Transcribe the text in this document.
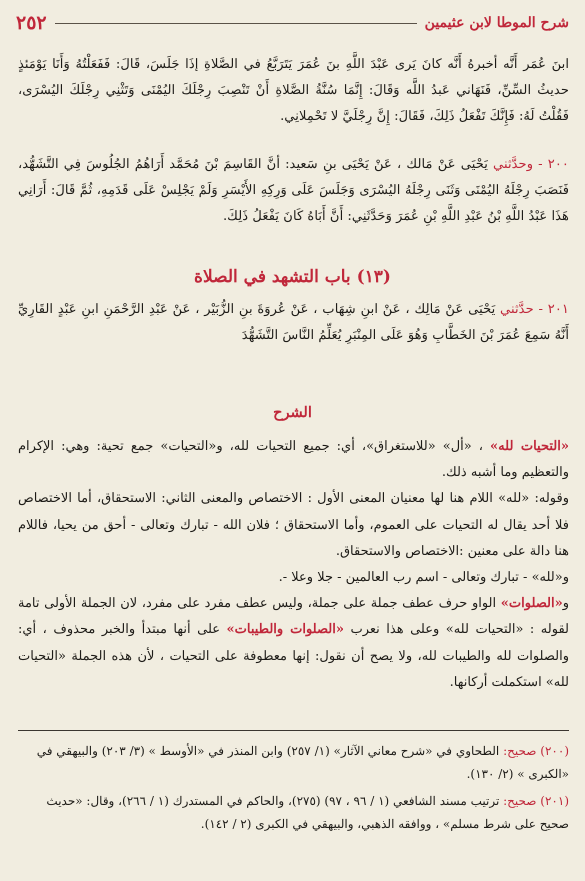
شرح الموطا لابن عثيمين
٢٥٢
ابنَ عُمَر أَنَّه أخبرهُ أَنَّه كانَ يَرى عَبْدَ اللَّهِ بنَ عُمَرَ يَتَرَبَّعُ في الصَّلاةِ إذَا جَلَسَ، قَالَ: فَفَعَلْتُهُ وَأَنَا يَوْمَئذٍ حديثُ السِّنِّ، فَنَهَاني عَبدُ اللَّه وَقَالَ: إِنَّمَا سُنَّةُ الصَّلاةِ أَنْ تَنْصِبَ رِجْلَكَ اليُمْنَى وَتَثْنِي رِجْلَكَ اليُسْرَى، فَقُلْتُ لَهُ: فَإِنَّكَ تَفْعَلُ ذَلِكَ، فَقَالَ: إِنَّ رِجْلَيَّ لا تَحْمِلانِي.
٢٠٠ - وحدَّثني يَحْيَى عَنْ مَالك ، عَنْ يَحْيَى بنِ سَعيد: أنَّ القَاسِمَ بْنَ مُحَمَّد أَرَاهُمُ الجُلُوسَ فِي التَّشَهُّد، فَنَصَبَ رِجْلَهُ اليُمْنَى وَثَنَى رِجْلَهُ اليُسْرَى وَجَلَسَ عَلَى وَرِكِهِ الأَيْسَرِ وَلَمْ يَجْلِسْ عَلَى قَدَمِهِ، ثُمَّ قَالَ: أَرَانِي هَذَا عَبْدُ اللَّهِ بْنُ عَبْدِ اللَّهِ بْنِ عُمَرَ وَحَدَّثَنِي: أَنَّ أَبَاهُ كَانَ يَفْعَلُ ذَلِكَ.
(١٣) باب التشهد في الصلاة
٢٠١ - حدَّثني يَحْيَى عَنْ مَالِك ، عَنْ ابنِ شِهَاب ، عَنْ عُروَةَ بنِ الزُّبَيْر ، عَنْ عَبْدِ الرَّحْمَنِ ابنِ عَبْدٍ القَارِيِّ أَنَّهُ سَمِعَ عُمَرَ بْنَ الخَطَّابِ وَهُوَ عَلَى المِنْبَرِ يُعَلِّمُ النَّاسَ التَّشَهُّدَ
الشرح

«التحيات لله» ، «أل» «للاستغراق»، أي: جميع التحيات لله، و«التحيات» جمع تحية: وهي: الإكرام والتعظيم وما أشبه ذلك.

وقوله: «لله» اللام هنا لها معنيان المعنى الأول : الاختصاص والمعنى الثاني: الاستحقاق، أما الاختصاص فلا أحد يقال له التحيات على العموم، وأما الاستحقاق ؛ فلان الله - تبارك وتعالى - أحق من يحيا، فاللام هنا دالة على معنين :الاختصاص والاستحقاق.

و«لله» - تبارك وتعالى - اسم رب العالمين - جلا وعلا -.

و«الصلوات» الواو حرف عطف جملة على جملة، وليس عطف مفرد على مفرد، لان الجملة الأولى تامة لقوله : «التحيات لله» وعلى هذا نعرب «الصلوات والطيبات» على أنها مبتدأ والخبر محذوف ، أي: والصلوات لله والطيبات لله، ولا يصح أن نقول: إنها معطوفة على التحيات ، لأن هذه الجملة «التحيات لله» استكملت أركانها.

(٢٠٠) صحيح: الطحاوي في «شرح معاني الآثار» (١/ ٢٥٧) وابن المنذر في «الأوسط » (٣/ ٢٠٣) والبيهقي في «الكبرى » (٢/ ١٣٠).
(٢٠١) صحيح: ترتيب مسند الشافعي (١ / ٩٦ ، ٩٧) (٢٧٥)، والحاكم في المستدرك (١ / ٢٦٦)، وقال: «حديث صحيح على شرط مسلم» ، ووافقه الذهبي، والبيهقي في الكبرى (٢ / ١٤٢).
